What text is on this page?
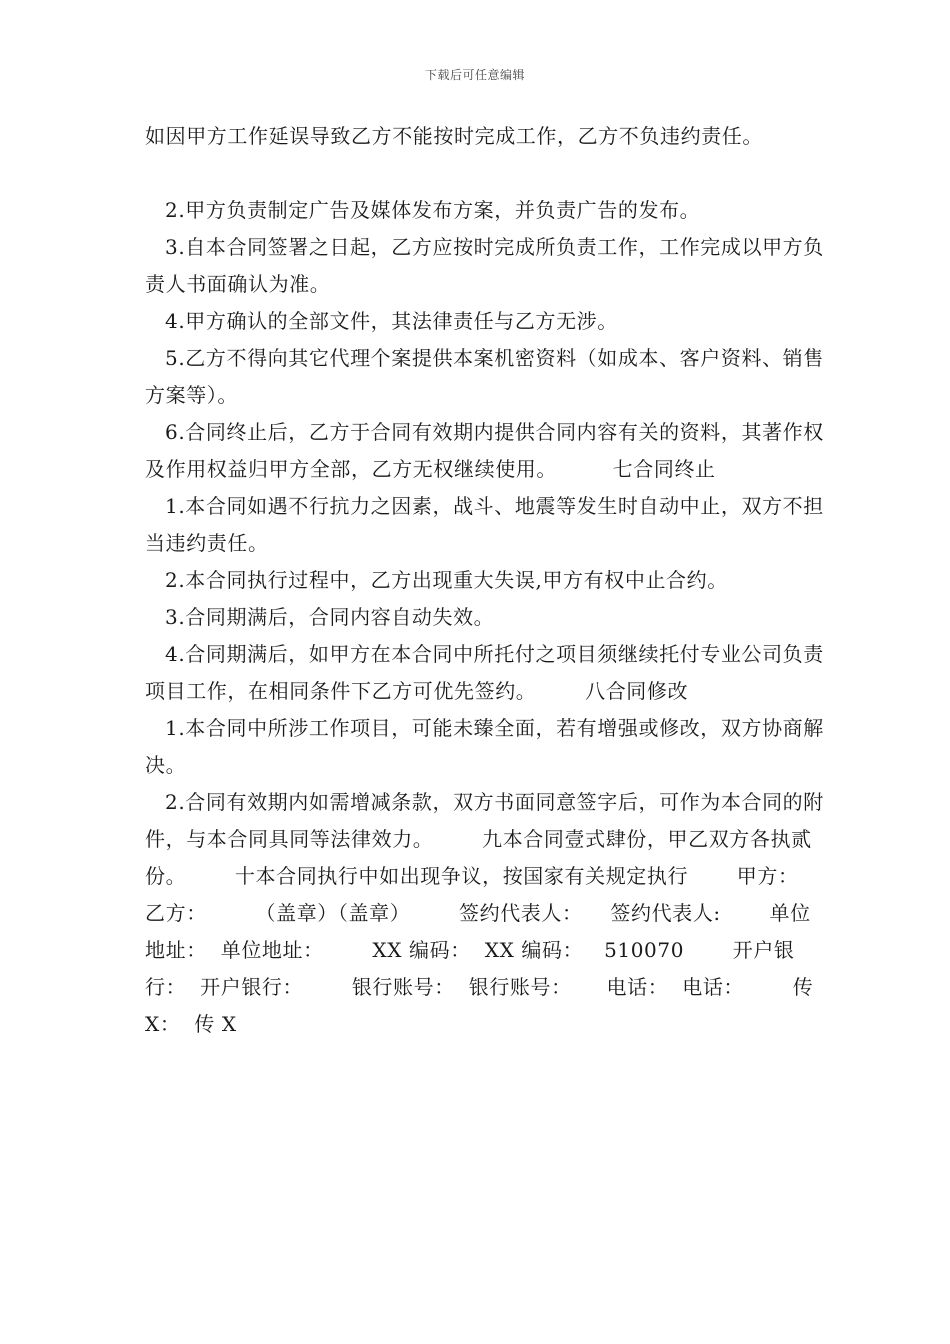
下载后可任意编辑

如因甲方工作延误导致乙方不能按时完成工作，乙方不负违约责任。

2.甲方负责制定广告及媒体发布方案，并负责广告的发布。

3.自本合同签署之日起，乙方应按时完成所负责工作，工作完成以甲方负责人书面确认为准。

4.甲方确认的全部文件，其法律责任与乙方无涉。

5.乙方不得向其它代理个案提供本案机密资料（如成本、客户资料、销售方案等）。

6.合同终止后，乙方于合同有效期内提供合同内容有关的资料，其著作权及作用权益归甲方全部，乙方无权继续使用。        七合同终止

1.本合同如遇不行抗力之因素，战斗、地震等发生时自动中止，双方不担当违约责任。

2.本合同执行过程中，乙方出现重大失误,甲方有权中止合约。

3.合同期满后，合同内容自动失效。

4.合同期满后，如甲方在本合同中所托付之项目须继续托付专业公司负责项目工作，在相同条件下乙方可优先签约。       八合同修改

1.本合同中所涉工作项目，可能未臻全面，若有增强或修改，双方协商解决。

2.合同有效期内如需增减条款，双方书面同意签字后，可作为本合同的附件，与本合同具同等法律效力。       九本合同壹式肆份，甲乙双方各执贰份。       十本合同执行中如出现争议，按国家有关规定执行       甲方：  乙方：       （盖章）（盖章）       签约代表人：    签约代表人:       单位地址：  单位地址：       XX 编码：  XX 编码：   510070       开户银行：  开户银行：       银行账号：  银行账号：     电话：  电话：       传 X：  传 X
